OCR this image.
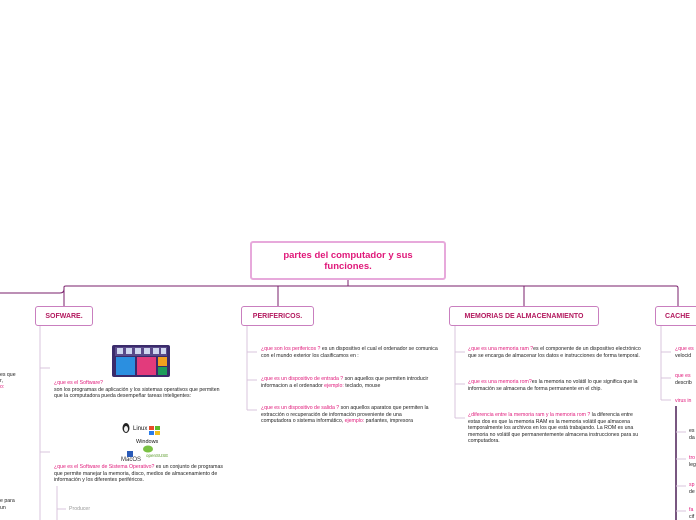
Linux
Windows
MacOS
openSUSE
partes del computador y sus funciones.
SOFWARE.	PERIFERICOS.	MEMORIAS DE ALMACENAMIENTO	CACHE
es que
r,
o:
e para
un
¿que es el Software?
son los programas de aplicación y los sistemas operativos que permiten que la computadora pueda desempeñar tareas inteligentes:
¿que es el Software de Sistema Operativo? es un conjunto de programas que permite manejar la memoria, disco, medios de almacenamiento de información y los diferentes periféricos.
Producer
¿que son los perifericos ? es un dispositivo el cual el ordenador se comunica con el mundo exterior los clasificamos en :
¿que es un dispositivo de entrada ? son aquellos que permiten introducir informacion a el ordenador ejemplo: teclado, mouse
¿que es un dispositivo de salida ? son aquellos aparatos que permiten la extracción o recuperación de información proveniente de una computadora o sistema informático, ejemplo: parlantes, impresora
¿que es una memoria ram ?es el componente de un dispositivo electrónico que se encarga de almacenar los datos e instrucciones de forma temporal.
¿que es una memoria rom?es la memoria no volátil lo que significa que la información se almacena de forma permanente en el chip.
¿diferencia entre la memoria ram y la memoria rom ? la diferencia entre estas dos es que la memoria RAM es la memoria volátil que almacena temporalmente los archivos en los que está trabajando. La ROM es una memoria no volátil que permanentemente almacena instrucciones para su computadora.
¿que es
velocid
que es
describ
virus in
es
da
tro
leg
sp
de
fa
cif
